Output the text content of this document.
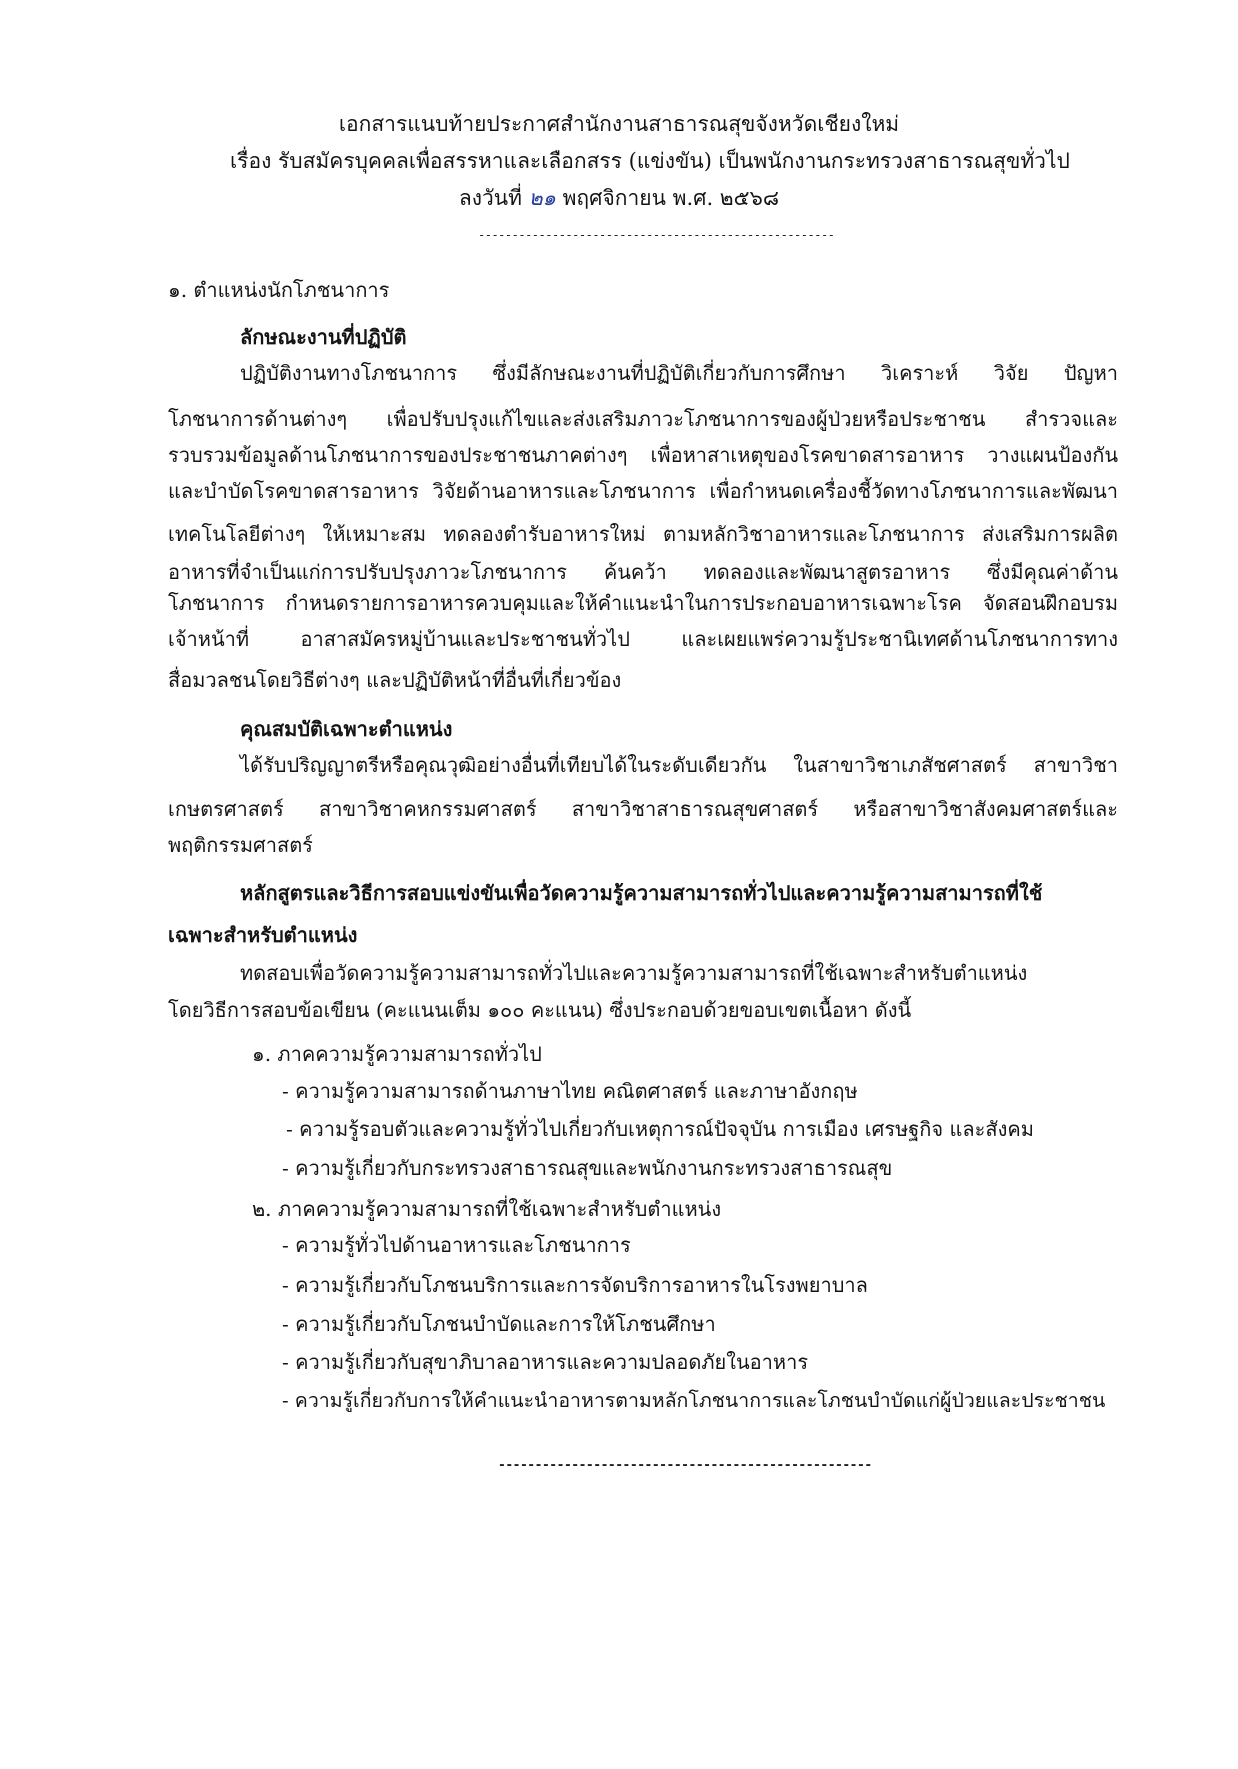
เอกสารแนบท้ายประกาศสำนักงานสาธารณสุขจังหวัดเชียงใหม่
เรื่อง รับสมัครบุคคลเพื่อสรรหาและเลือกสรร (แข่งขัน) เป็นพนักงานกระทรวงสาธารณสุขทั่วไป
ลงวันที่ ๒๑ พฤศจิกายน พ.ศ. ๒๕๖๘
-----------------------------------------------------
๑. ตำแหน่งนักโภชนาการ
ลักษณะงานที่ปฏิบัติ
ปฏิบัติงานทางโภชนาการ ซึ่งมีลักษณะงานที่ปฏิบัติเกี่ยวกับการศึกษา วิเคราะห์ วิจัย ปัญหา
โภชนาการด้านต่างๆ เพื่อปรับปรุงแก้ไขและส่งเสริมภาวะโภชนาการของผู้ป่วยหรือประชาชน สำรวจและ
รวบรวมข้อมูลด้านโภชนาการของประชาชนภาคต่างๆ เพื่อหาสาเหตุของโรคขาดสารอาหาร วางแผนป้องกัน
และบำบัดโรคขาดสารอาหาร วิจัยด้านอาหารและโภชนาการ เพื่อกำหนดเครื่องชี้วัดทางโภชนาการและพัฒนา
เทคโนโลยีต่างๆ ให้เหมาะสม ทดลองตำรับอาหารใหม่ ตามหลักวิชาอาหารและโภชนาการ ส่งเสริมการผลิต
อาหารที่จำเป็นแก่การปรับปรุงภาวะโภชนาการ ค้นคว้า ทดลองและพัฒนาสูตรอาหาร ซึ่งมีคุณค่าด้าน
โภชนาการ กำหนดรายการอาหารควบคุมและให้คำแนะนำในการประกอบอาหารเฉพาะโรค จัดสอนฝึกอบรม
เจ้าหน้าที่ อาสาสมัครหมู่บ้านและประชาชนทั่วไป และเผยแพร่ความรู้ประชานิเทศด้านโภชนาการทาง
สื่อมวลชนโดยวิธีต่างๆ และปฏิบัติหน้าที่อื่นที่เกี่ยวข้อง
คุณสมบัติเฉพาะตำแหน่ง
ได้รับปริญญาตรีหรือคุณวุฒิอย่างอื่นที่เทียบได้ในระดับเดียวกัน ในสาขาวิชาเภสัชศาสตร์ สาขาวิชา
เกษตรศาสตร์ สาขาวิชาคหกรรมศาสตร์ สาขาวิชาสาธารณสุขศาสตร์ หรือสาขาวิชาสังคมศาสตร์และ
พฤติกรรมศาสตร์
หลักสูตรและวิธีการสอบแข่งขันเพื่อวัดความรู้ความสามารถทั่วไปและความรู้ความสามารถที่ใช้
เฉพาะสำหรับตำแหน่ง
ทดสอบเพื่อวัดความรู้ความสามารถทั่วไปและความรู้ความสามารถที่ใช้เฉพาะสำหรับตำแหน่ง
โดยวิธีการสอบข้อเขียน (คะแนนเต็ม ๑๐๐ คะแนน) ซึ่งประกอบด้วยขอบเขตเนื้อหา ดังนี้
๑. ภาคความรู้ความสามารถทั่วไป
- ความรู้ความสามารถด้านภาษาไทย คณิตศาสตร์ และภาษาอังกฤษ
- ความรู้รอบตัวและความรู้ทั่วไปเกี่ยวกับเหตุการณ์ปัจจุบัน การเมือง เศรษฐกิจ และสังคม
- ความรู้เกี่ยวกับกระทรวงสาธารณสุขและพนักงานกระทรวงสาธารณสุข
๒. ภาคความรู้ความสามารถที่ใช้เฉพาะสำหรับตำแหน่ง
- ความรู้ทั่วไปด้านอาหารและโภชนาการ
- ความรู้เกี่ยวกับโภชนบริการและการจัดบริการอาหารในโรงพยาบาล
- ความรู้เกี่ยวกับโภชนบำบัดและการให้โภชนศึกษา
- ความรู้เกี่ยวกับสุขาภิบาลอาหารและความปลอดภัยในอาหาร
- ความรู้เกี่ยวกับการให้คำแนะนำอาหารตามหลักโภชนาการและโภชนบำบัดแก่ผู้ป่วยและประชาชน
---------------------------------------------------
